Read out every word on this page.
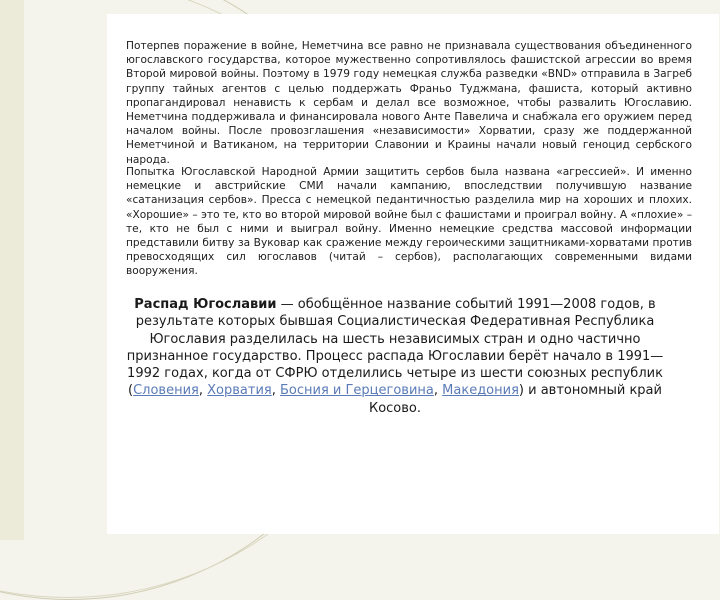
Потерпев поражение в войне, Неметчина все равно не признавала существования объединенного югославского государства, которое мужественно сопротивлялось фашистской агрессии во время Второй мировой войны. Поэтому в 1979 году немецкая служба разведки «BND» отправила в Загреб группу тайных агентов с целью поддержать Франьо Туджмана, фашиста, который активно пропагандировал ненависть к сербам и делал все возможное, чтобы развалить Югославию. Неметчина поддерживала и финансировала нового Анте Павелича и снабжала его оружием перед началом войны. После провозглашения «независимости» Хорватии, сразу же поддержанной Неметчиной и Ватиканом, на территории Славонии и Краины начали новый геноцид сербского народа.

Попытка Югославской Народной Армии защитить сербов была названа «агрессией». И именно немецкие и австрийские СМИ начали кампанию, впоследствии получившую название «сатанизация сербов». Пресса с немецкой педантичностью разделила мир на хороших и плохих. «Хорошие» – это те, кто во второй мировой войне был с фашистами и проиграл войну. А «плохие» – те, кто не был с ними и выиграл войну. Именно немецкие средства массовой информации представили битву за Вуковар как сражение между героическими защитниками-хорватами против превосходящих сил югославов (читай – сербов), располагающих современными видами вооружения.

Распад Югославии — обобщённое название событий 1991—2008 годов, в результате которых бывшая Социалистическая Федеративная Республика Югославия разделилась на шесть независимых стран и одно частично признанное государство. Процесс распада Югославии берёт начало в 1991—1992 годах, когда от СФРЮ отделились четыре из шести союзных республик (Словения, Хорватия, Босния и Герцеговина, Македония) и автономный край Косово.
